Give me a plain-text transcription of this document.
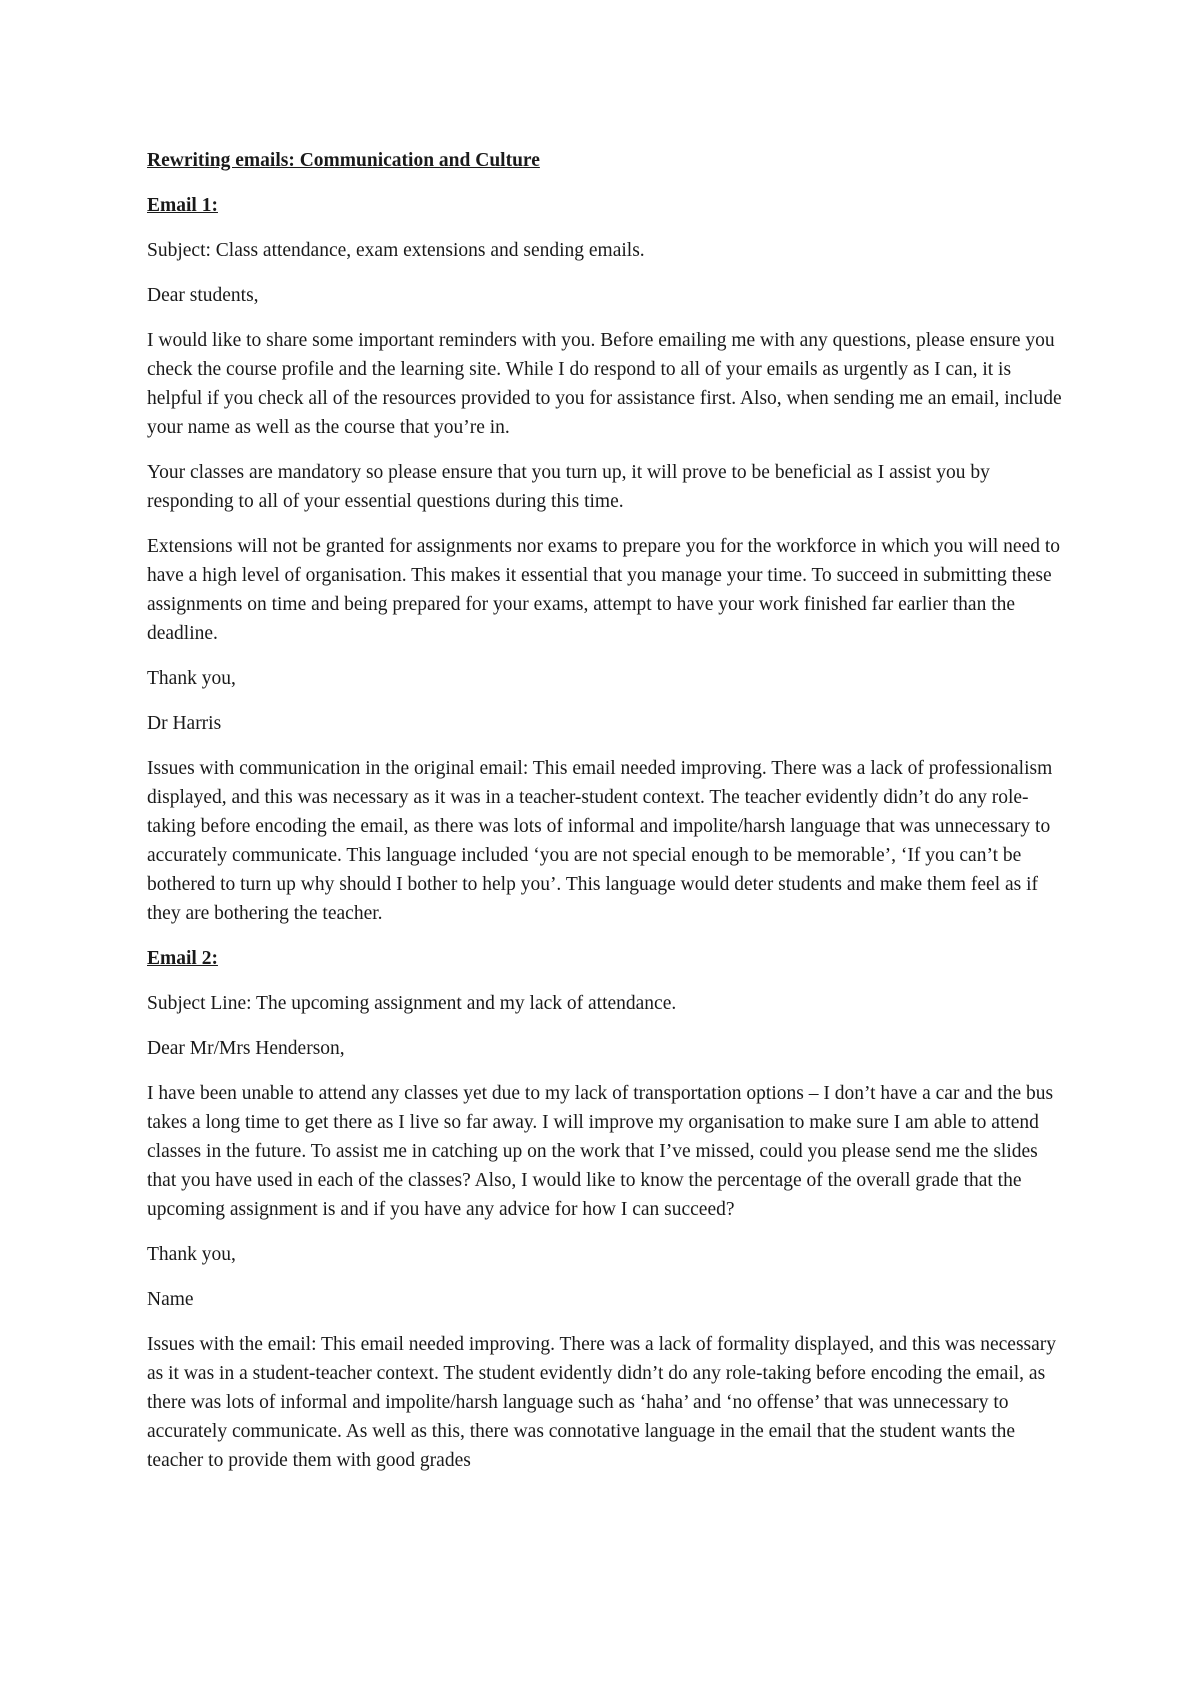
Rewriting emails: Communication and Culture

Email 1:

Subject: Class attendance, exam extensions and sending emails.

Dear students,

I would like to share some important reminders with you. Before emailing me with any questions, please ensure you check the course profile and the learning site. While I do respond to all of your emails as urgently as I can, it is helpful if you check all of the resources provided to you for assistance first. Also, when sending me an email, include your name as well as the course that you’re in.

Your classes are mandatory so please ensure that you turn up, it will prove to be beneficial as I assist you by responding to all of your essential questions during this time.

Extensions will not be granted for assignments nor exams to prepare you for the workforce in which you will need to have a high level of organisation. This makes it essential that you manage your time. To succeed in submitting these assignments on time and being prepared for your exams, attempt to have your work finished far earlier than the deadline.

Thank you,

Dr Harris

Issues with communication in the original email: This email needed improving. There was a lack of professionalism displayed, and this was necessary as it was in a teacher-student context. The teacher evidently didn’t do any role-taking before encoding the email, as there was lots of informal and impolite/harsh language that was unnecessary to accurately communicate. This language included ‘you are not special enough to be memorable’, ‘If you can’t be bothered to turn up why should I bother to help you’. This language would deter students and make them feel as if they are bothering the teacher.

Email 2:

Subject Line: The upcoming assignment and my lack of attendance.

Dear Mr/Mrs Henderson,

I have been unable to attend any classes yet due to my lack of transportation options – I don’t have a car and the bus takes a long time to get there as I live so far away. I will improve my organisation to make sure I am able to attend classes in the future. To assist me in catching up on the work that I’ve missed, could you please send me the slides that you have used in each of the classes? Also, I would like to know the percentage of the overall grade that the upcoming assignment is and if you have any advice for how I can succeed?

Thank you,

Name

Issues with the email: This email needed improving. There was a lack of formality displayed, and this was necessary as it was in a student-teacher context. The student evidently didn’t do any role-taking before encoding the email, as there was lots of informal and impolite/harsh language such as ‘haha’ and ‘no offense’ that was unnecessary to accurately communicate. As well as this, there was connotative language in the email that the student wants the teacher to provide them with good grades
